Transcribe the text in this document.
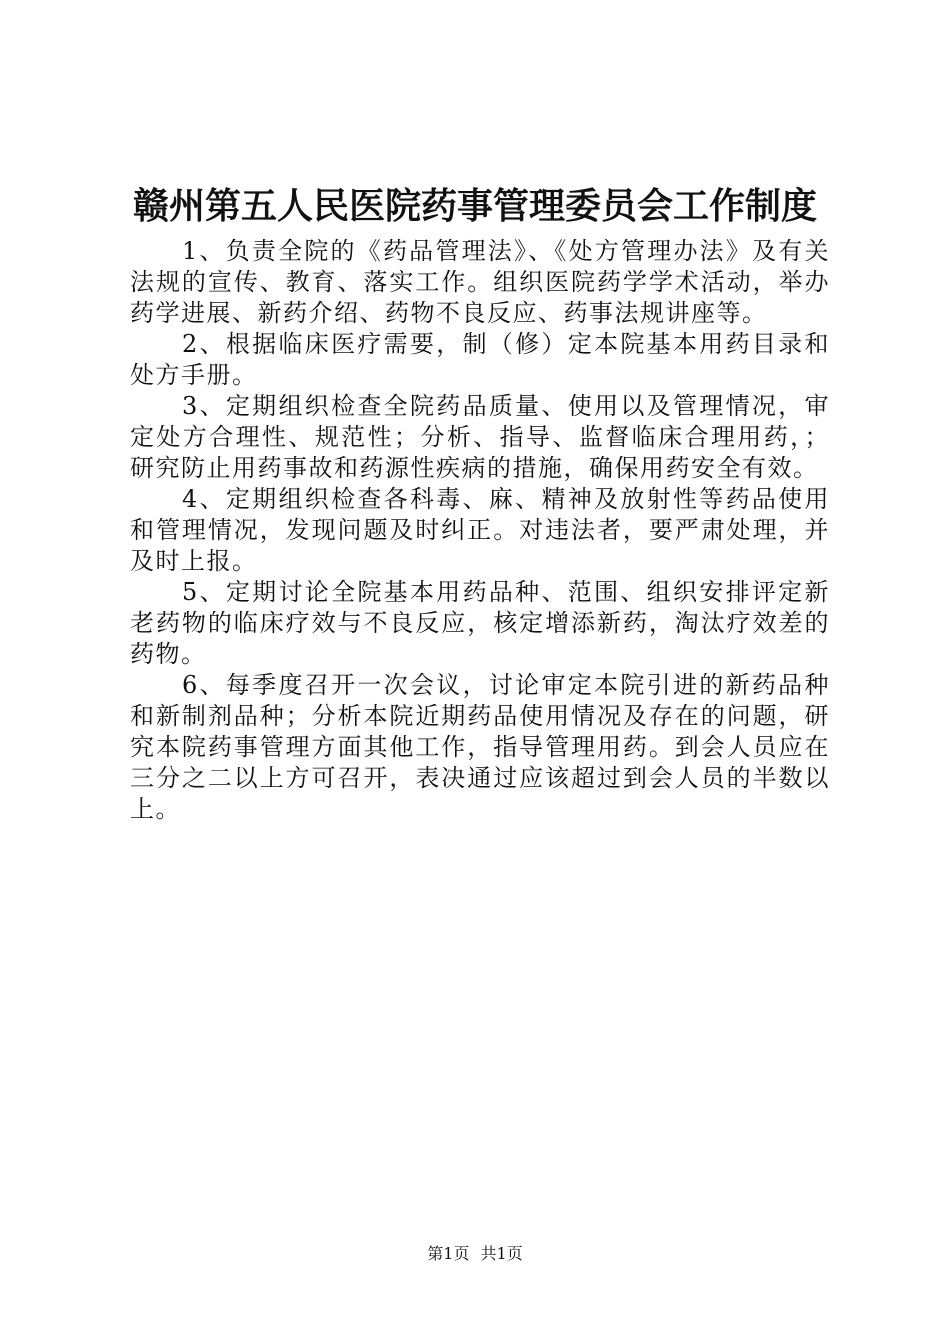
赣州第五人民医院药事管理委员会工作制度

1、负责全院的《药品管理法》、《处方管理办法》及有关法规的宣传、教育、落实工作。组织医院药学学术活动，举办药学进展、新药介绍、药物不良反应、药事法规讲座等。

2、根据临床医疗需要，制（修）定本院基本用药目录和处方手册。

3、定期组织检查全院药品质量、使用以及管理情况，审定处方合理性、规范性；分析、指导、监督临床合理用药，；研究防止用药事故和药源性疾病的措施，确保用药安全有效。

4、定期组织检查各科毒、麻、精神及放射性等药品使用和管理情况，发现问题及时纠正。对违法者，要严肃处理，并及时上报。

5、定期讨论全院基本用药品种、范围、组织安排评定新老药物的临床疗效与不良反应，核定增添新药，淘汰疗效差的药物。

6、每季度召开一次会议，讨论审定本院引进的新药品种和新制剂品种；分析本院近期药品使用情况及存在的问题，研究本院药事管理方面其他工作，指导管理用药。到会人员应在三分之二以上方可召开，表决通过应该超过到会人员的半数以上。

第1页 共1页
